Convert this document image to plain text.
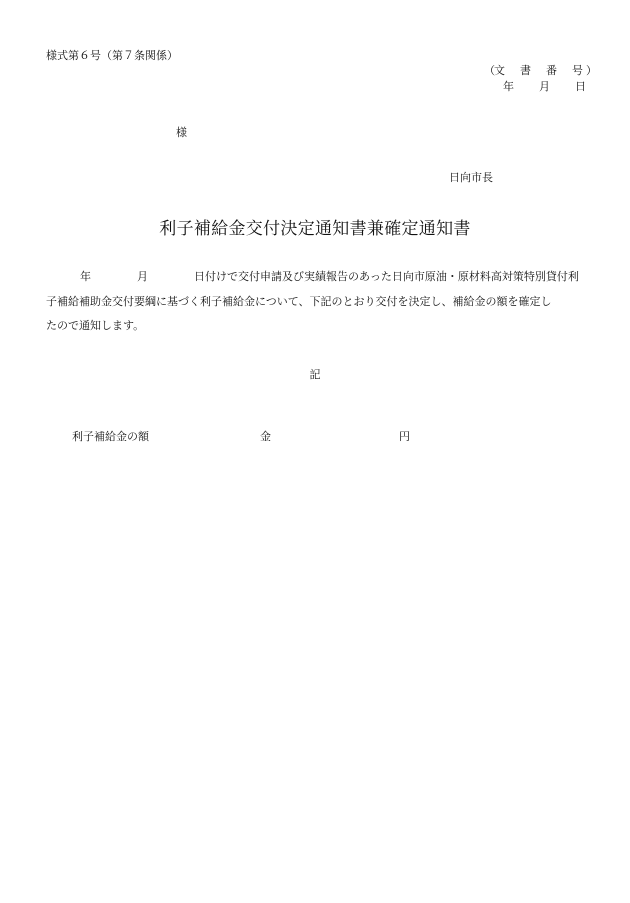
様式第６号（第７条関係）
（文 書 番 号 ）
年 月 日
様
日向市長
利子補給金交付決定通知書兼確定通知書
年	月	日付けで交付申請及び実績報告のあった日向市原油・原材料高対策特別貸付利
子補給補助金交付要綱に基づく利子補給金について、下記のとおり交付を決定し、補給金の額を確定し
たので通知します。
記
利子補給金の額	金	円
